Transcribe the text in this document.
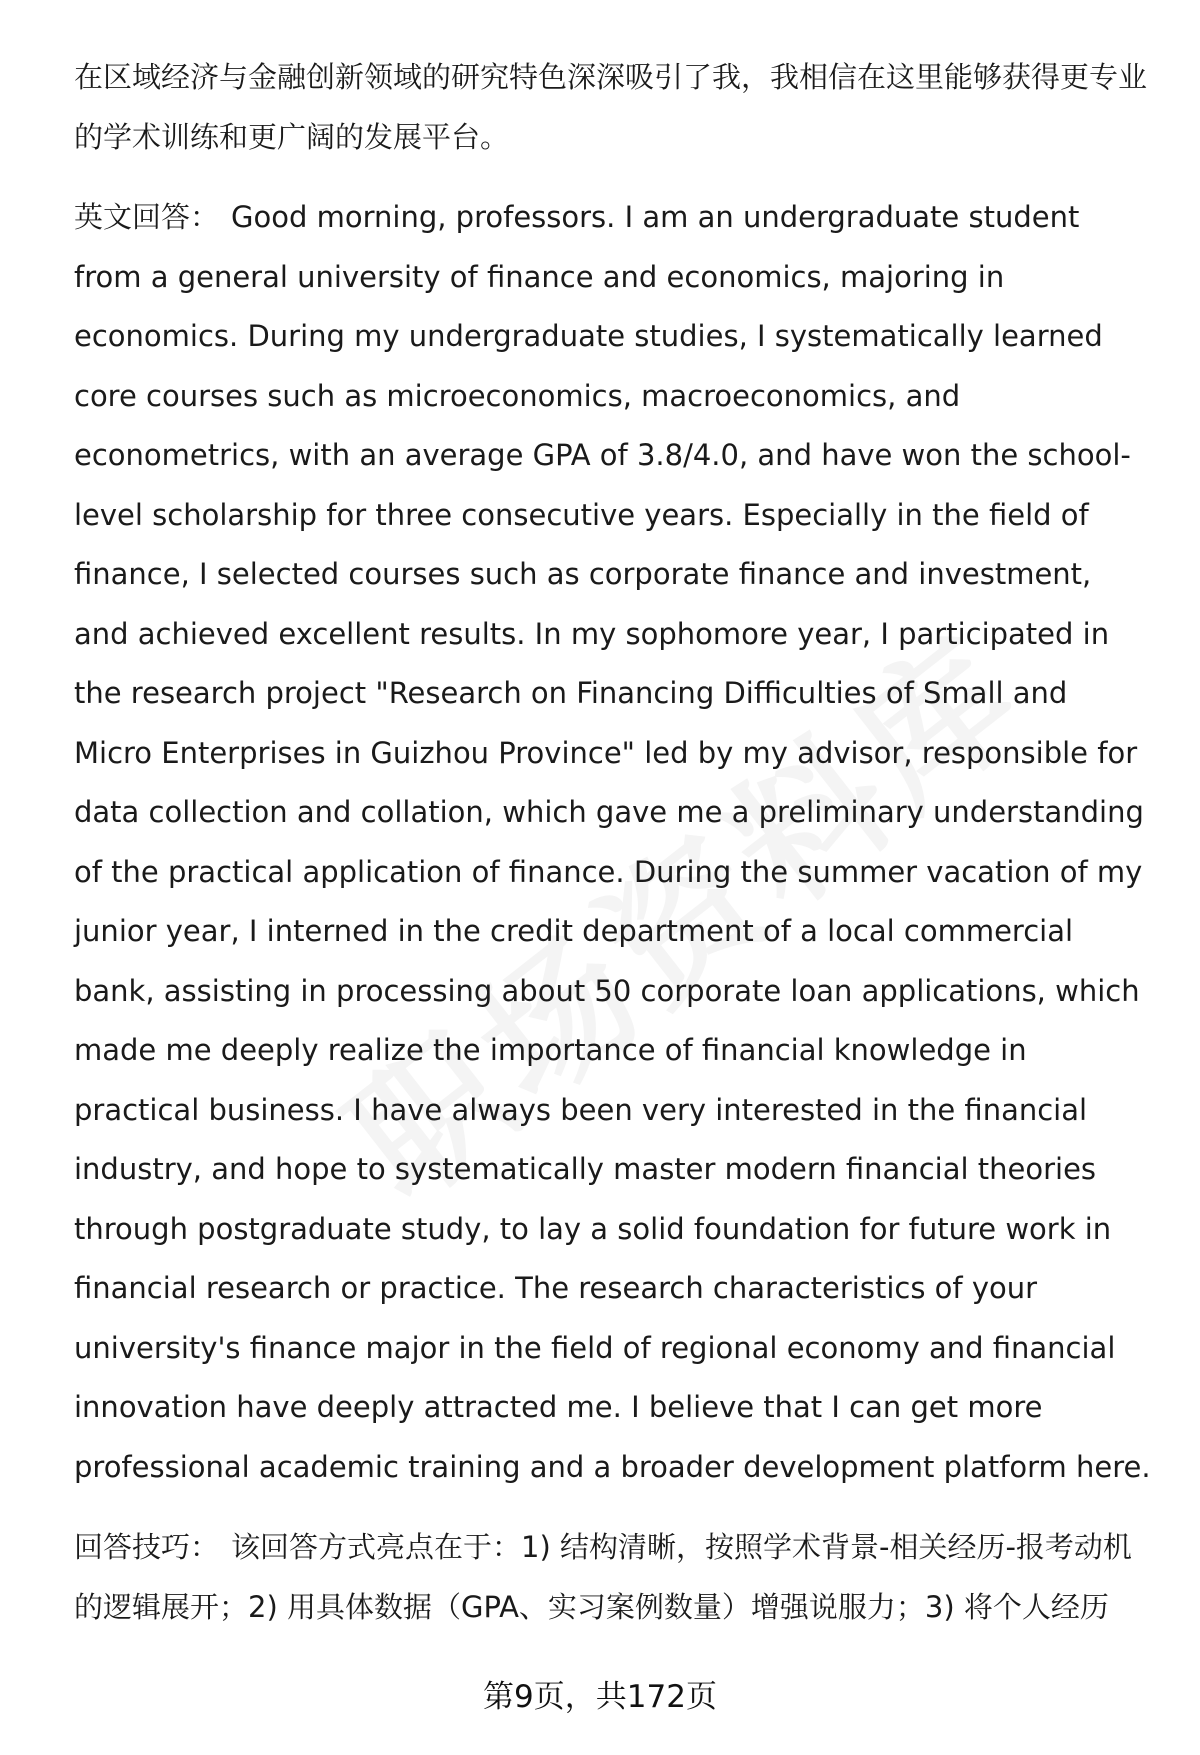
在区域经济与金融创新领域的研究特色深深吸引了我，我相信在这里能够获得更专业的学术训练和更广阔的发展平台。

英文回答： Good morning, professors. I am an undergraduate student from a general university of finance and economics, majoring in economics. During my undergraduate studies, I systematically learned core courses such as microeconomics, macroeconomics, and econometrics, with an average GPA of 3.8/4.0, and have won the school-level scholarship for three consecutive years. Especially in the field of finance, I selected courses such as corporate finance and investment, and achieved excellent results. In my sophomore year, I participated in the research project "Research on Financing Difficulties of Small and Micro Enterprises in Guizhou Province" led by my advisor, responsible for data collection and collation, which gave me a preliminary understanding of the practical application of finance. During the summer vacation of my junior year, I interned in the credit department of a local commercial bank, assisting in processing about 50 corporate loan applications, which made me deeply realize the importance of financial knowledge in practical business. I have always been very interested in the financial industry, and hope to systematically master modern financial theories through postgraduate study, to lay a solid foundation for future work in financial research or practice. The research characteristics of your university's finance major in the field of regional economy and financial innovation have deeply attracted me. I believe that I can get more professional academic training and a broader development platform here.

回答技巧： 该回答方式亮点在于：1) 结构清晰，按照学术背景-相关经历-报考动机的逻辑展开；2) 用具体数据（GPA、实习案例数量）增强说服力；3) 将个人经历

第9页，共172页
